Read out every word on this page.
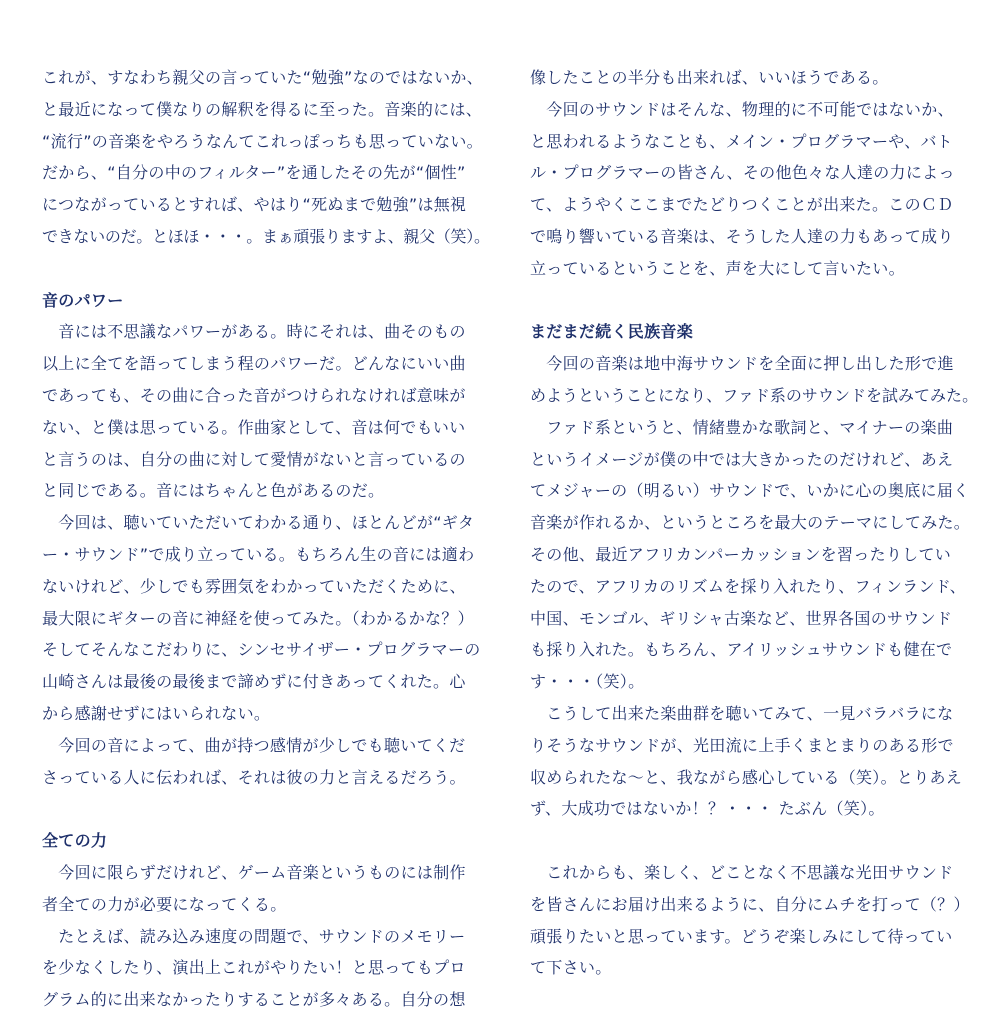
これが、すなわち親父の言っていた“勉強”なのではないか、
と最近になって僕なりの解釈を得るに至った。音楽的には、
“流行”の音楽をやろうなんてこれっぽっちも思っていない。
だから、“自分の中のフィルター”を通したその先が“個性”
につながっているとすれば、やはり“死ぬまで勉強”は無視
できないのだ。とほほ・・・。まぁ頑張りますよ、親父（笑）。
音のパワー
　音には不思議なパワーがある。時にそれは、曲そのもの
以上に全てを語ってしまう程のパワーだ。どんなにいい曲
であっても、その曲に合った音がつけられなければ意味が
ない、と僕は思っている。作曲家として、音は何でもいい
と言うのは、自分の曲に対して愛情がないと言っているの
と同じである。音にはちゃんと色があるのだ。
　今回は、聴いていただいてわかる通り、ほとんどが“ギタ
ー・サウンド”で成り立っている。もちろん生の音には適わ
ないけれど、少しでも雰囲気をわかっていただくために、
最大限にギターの音に神経を使ってみた。（わかるかな？）
そしてそんなこだわりに、シンセサイザー・プログラマーの
山崎さんは最後の最後まで諦めずに付きあってくれた。心
から感謝せずにはいられない。
　今回の音によって、曲が持つ感情が少しでも聴いてくだ
さっている人に伝われば、それは彼の力と言えるだろう。
全ての力
　今回に限らずだけれど、ゲーム音楽というものには制作
者全ての力が必要になってくる。
　たとえば、読み込み速度の問題で、サウンドのメモリー
を少なくしたり、演出上これがやりたい！と思ってもプロ
グラム的に出来なかったりすることが多々ある。自分の想
像したことの半分も出来れば、いいほうである。
　今回のサウンドはそんな、物理的に不可能ではないか、
と思われるようなことも、メイン・プログラマーや、バト
ル・プログラマーの皆さん、その他色々な人達の力によっ
て、ようやくここまでたどりつくことが出来た。このＣＤ
で鳴り響いている音楽は、そうした人達の力もあって成り
立っているということを、声を大にして言いたい。
まだまだ続く民族音楽
　今回の音楽は地中海サウンドを全面に押し出した形で進
めようということになり、ファド系のサウンドを試みてみた。
　ファド系というと、情緒豊かな歌詞と、マイナーの楽曲
というイメージが僕の中では大きかったのだけれど、あえ
てメジャーの（明るい）サウンドで、いかに心の奥底に届く
音楽が作れるか、というところを最大のテーマにしてみた。
その他、最近アフリカンパーカッションを習ったりしてい
たので、アフリカのリズムを採り入れたり、フィンランド、
中国、モンゴル、ギリシャ古楽など、世界各国のサウンド
も採り入れた。もちろん、アイリッシュサウンドも健在で
す・・・（笑）。
　こうして出来た楽曲群を聴いてみて、一見バラバラにな
りそうなサウンドが、光田流に上手くまとまりのある形で
収められたな〜と、我ながら感心している（笑）。とりあえ
ず、大成功ではないか！？・・・ たぶん（笑）。
　これからも、楽しく、どことなく不思議な光田サウンド
を皆さんにお届け出来るように、自分にムチを打って（？）
頑張りたいと思っています。どうぞ楽しみにして待ってい
て下さい。
